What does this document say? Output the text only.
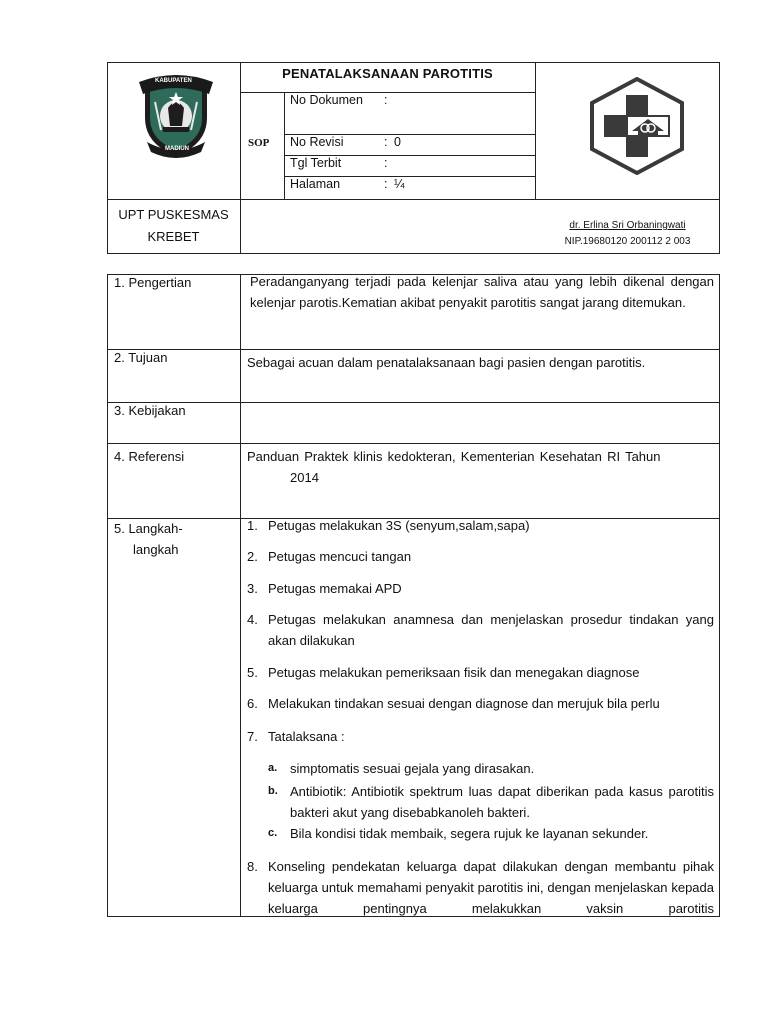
KABUPATEN
MADIUN
PENATALAKSANAAN PAROTITIS
SOP
No Dokumen :
No Revisi	: 0
Tgl Terbit	:
Halaman	: ¼
UPT PUSKESMAS
KREBET
dr. Erlina Sri Orbaningwati
NIP.19680120 200112 2 003
1. Pengertian	Peradanganyang terjadi pada kelenjar saliva atau yang lebih dikenal dengan kelenjar parotis.Kematian akibat penyakit parotitis sangat jarang ditemukan.
2. Tujuan	Sebagai acuan dalam penatalaksanaan bagi pasien dengan parotitis.
3. Kebijakan
4. Referensi	Panduan Praktek klinis kedokteran, Kementerian Kesehatan RI Tahun
2014
5. Langkah-
langkah
1. Petugas melakukan 3S (senyum,salam,sapa)
2. Petugas mencuci tangan
3. Petugas memakai APD
4. Petugas melakukan anamnesa dan menjelaskan prosedur tindakan yang akan dilakukan
5. Petugas melakukan pemeriksaan fisik dan menegakan diagnose
6. Melakukan tindakan sesuai dengan diagnose dan merujuk bila perlu
7. Tatalaksana :
a. simptomatis sesuai gejala yang dirasakan.
b. Antibiotik: Antibiotik spektrum luas dapat diberikan pada kasus parotitis bakteri akut yang disebabkanoleh bakteri.
c. Bila kondisi tidak membaik, segera rujuk ke layanan sekunder.
8. Konseling pendekatan keluarga dapat dilakukan dengan membantu pihak keluarga untuk memahami penyakit parotitis ini, dengan menjelaskan kepada keluarga pentingnya melakukkan vaksin parotitis
